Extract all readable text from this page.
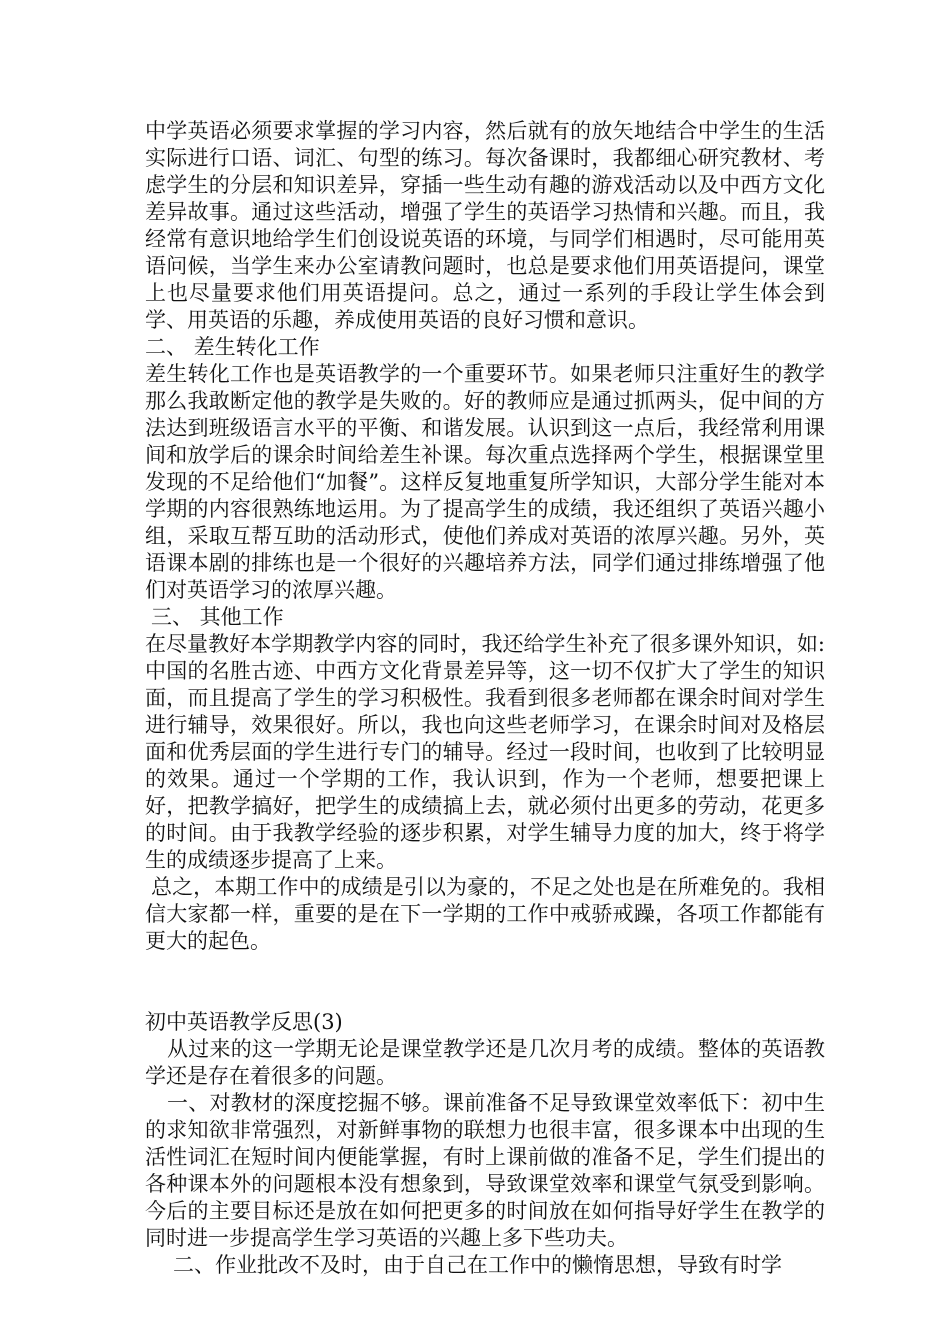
中学英语必须要求掌握的学习内容，然后就有的放矢地结合中学生的生活实际进行口语、词汇、句型的练习。每次备课时，我都细心研究教材、考虑学生的分层和知识差异，穿插一些生动有趣的游戏活动以及中西方文化差异故事。通过这些活动，增强了学生的英语学习热情和兴趣。而且，我经常有意识地给学生们创设说英语的环境，与同学们相遇时，尽可能用英语问候，当学生来办公室请教问题时，也总是要求他们用英语提问，课堂上也尽量要求他们用英语提问。总之，通过一系列的手段让学生体会到学、用英语的乐趣，养成使用英语的良好习惯和意识。

二、 差生转化工作

差生转化工作也是英语教学的一个重要环节。如果老师只注重好生的教学那么我敢断定他的教学是失败的。好的教师应是通过抓两头，促中间的方法达到班级语言水平的平衡、和谐发展。认识到这一点后，我经常利用课间和放学后的课余时间给差生补课。每次重点选择两个学生，根据课堂里发现的不足给他们“加餐”。这样反复地重复所学知识，大部分学生能对本学期的内容很熟练地运用。为了提高学生的成绩，我还组织了英语兴趣小组，采取互帮互助的活动形式，使他们养成对英语的浓厚兴趣。另外，英语课本剧的排练也是一个很好的兴趣培养方法，同学们通过排练增强了他们对英语学习的浓厚兴趣。

三、 其他工作

在尽量教好本学期教学内容的同时，我还给学生补充了很多课外知识，如:中国的名胜古迹、中西方文化背景差异等，这一切不仅扩大了学生的知识面，而且提高了学生的学习积极性。我看到很多老师都在课余时间对学生进行辅导，效果很好。所以，我也向这些老师学习，在课余时间对及格层面和优秀层面的学生进行专门的辅导。经过一段时间，也收到了比较明显的效果。通过一个学期的工作，我认识到，作为一个老师，想要把课上好，把教学搞好，把学生的成绩搞上去，就必须付出更多的劳动，花更多的时间。由于我教学经验的逐步积累，对学生辅导力度的加大，终于将学生的成绩逐步提高了上来。

总之，本期工作中的成绩是引以为豪的，不足之处也是在所难免的。我相信大家都一样，重要的是在下一学期的工作中戒骄戒躁，各项工作都能有更大的起色。

初中英语教学反思(3)

从过来的这一学期无论是课堂教学还是几次月考的成绩。整体的英语教学还是存在着很多的问题。

一、对教材的深度挖掘不够。课前准备不足导致课堂效率低下：初中生的求知欲非常强烈，对新鲜事物的联想力也很丰富，很多课本中出现的生活性词汇在短时间内便能掌握，有时上课前做的准备不足，学生们提出的各种课本外的问题根本没有想象到，导致课堂效率和课堂气氛受到影响。 今后的主要目标还是放在如何把更多的时间放在如何指导好学生在教学的同时进一步提高学生学习英语的兴趣上多下些功夫。

二、作业批改不及时，由于自己在工作中的懒惰思想，导致有时学
